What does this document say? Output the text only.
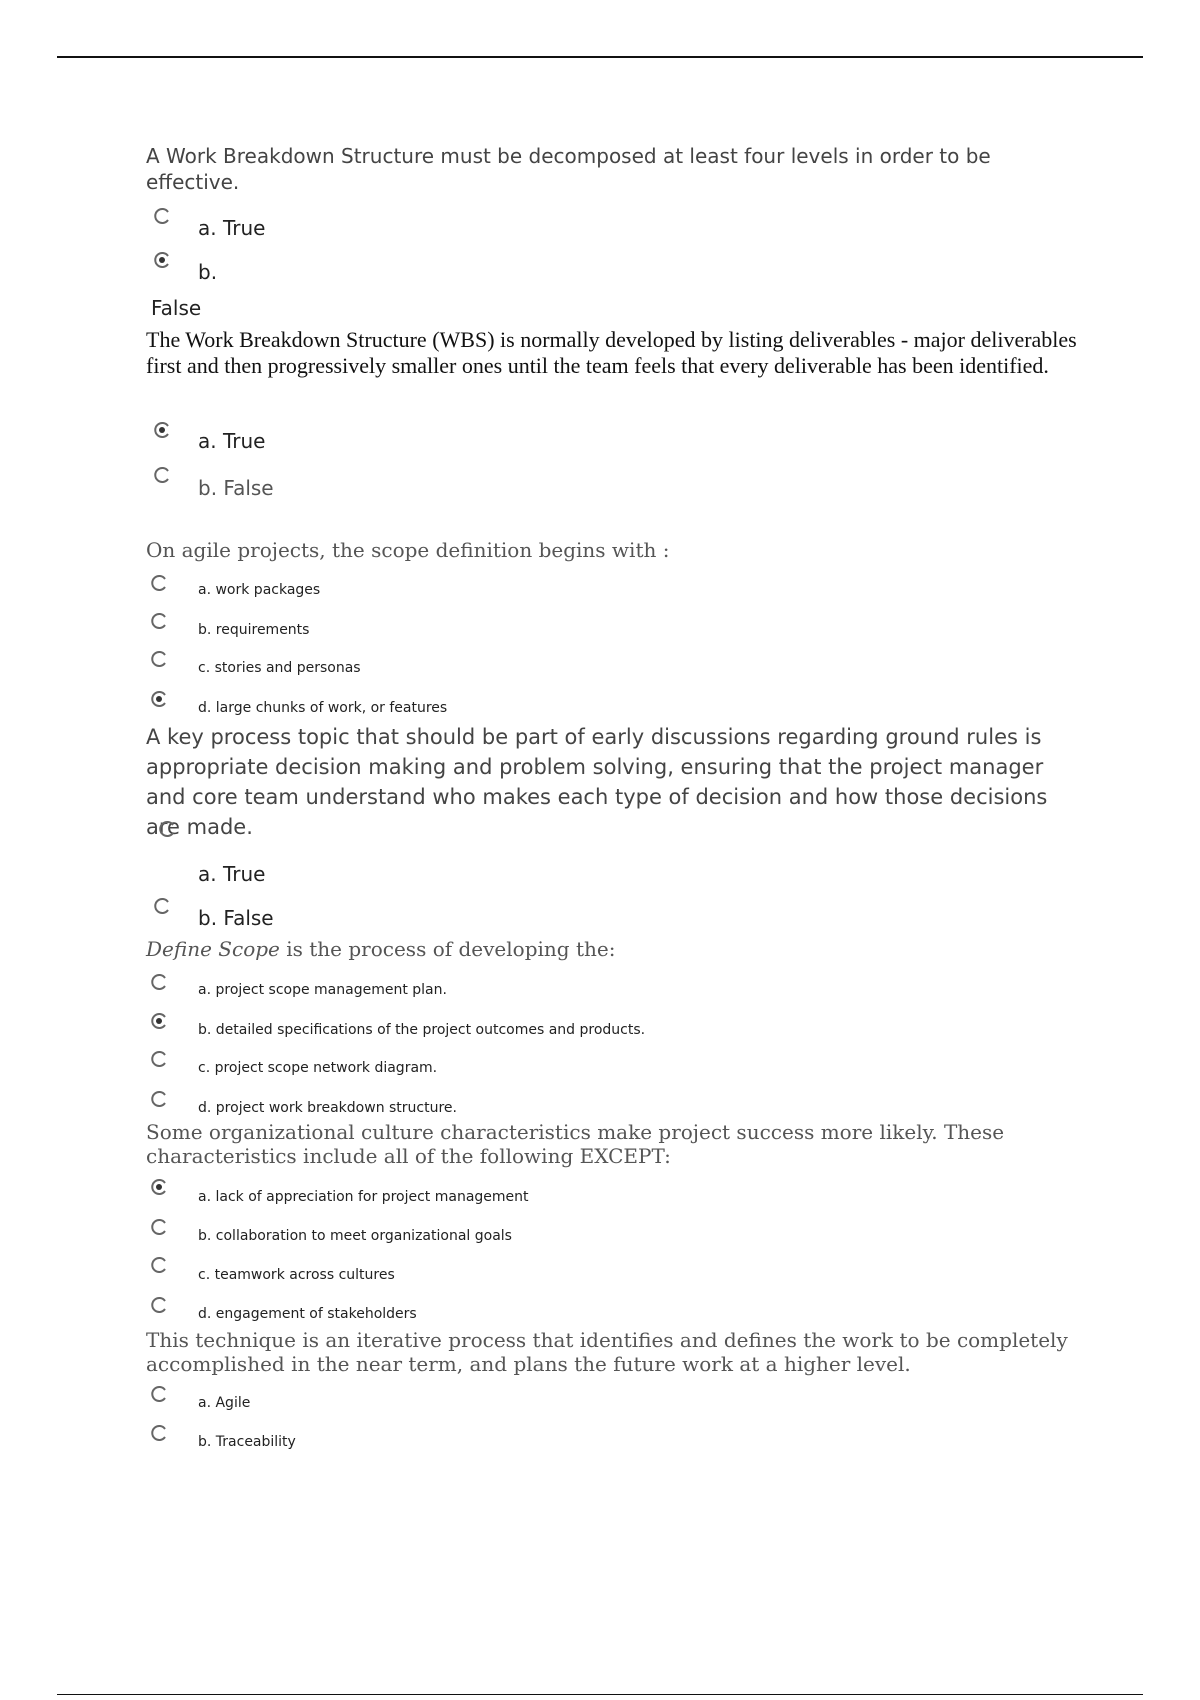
A Work Breakdown Structure must be decomposed at least four levels in order to be effective.

a. True
b.
False

The Work Breakdown Structure (WBS) is normally developed by listing deliverables - major deliverables first and then progressively smaller ones until the team feels that every deliverable has been identified.

a. True
b. False

On agile projects, the scope definition begins with :

a. work packages
b. requirements
c. stories and personas
d. large chunks of work, or features

A key process topic that should be part of early discussions regarding ground rules is appropriate decision making and problem solving, ensuring that the project manager and core team understand who makes each type of decision and how those decisions are made.

a. True
b. False

Define Scope is the process of developing the:

a. project scope management plan.
b. detailed specifications of the project outcomes and products.
c. project scope network diagram.
d. project work breakdown structure.

Some organizational culture characteristics make project success more likely. These characteristics include all of the following EXCEPT:

a. lack of appreciation for project management
b. collaboration to meet organizational goals
c. teamwork across cultures
d. engagement of stakeholders

This technique is an iterative process that identifies and defines the work to be completely accomplished in the near term, and plans the future work at a higher level.

a. Agile
b. Traceability
